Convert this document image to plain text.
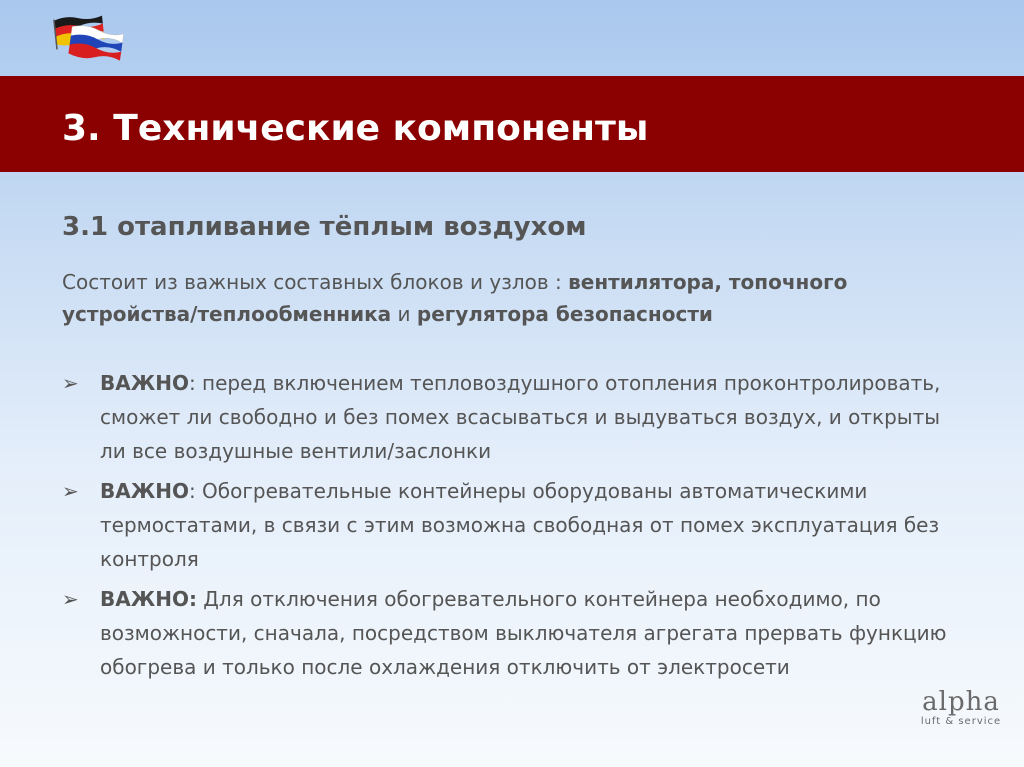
3. Технические компоненты
3.1 отапливание тёплым воздухом
Состоит из важных составных блоков и узлов : вентилятора, топочного устройства/теплообменника и регулятора безопасности
➢	ВАЖНО: перед включением тепловоздушного отопления проконтролировать, сможет ли свободно и без помех всасываться и выдуваться воздух, и открыты ли все воздушные вентили/заслонки
➢	ВАЖНО: Обогревательные контейнеры оборудованы автоматическими термостатами, в связи с этим возможна свободная от помех эксплуатация без контроля
➢	ВАЖНО: Для отключения обогревательного контейнера необходимо, по возможности, сначала, посредством выключателя агрегата прервать функцию обогрева и только после охлаждения отключить от электросети
alpha
luft & service
